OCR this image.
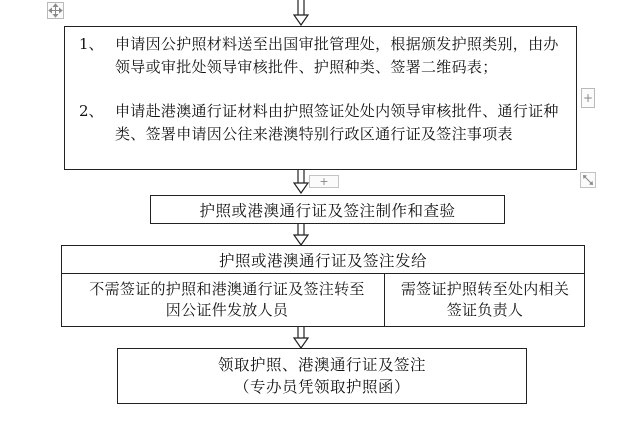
1、 申请因公护照材料送至出国审批管理处，根据颁发护照类别，由办领导或审批处领导审核批件、护照种类、签署二维码表；
2、 申请赴港澳通行证材料由护照签证处处内领导审核批件、通行证种类、签署申请因公往来港澳特别行政区通行证及签注事项表
+
+
护照或港澳通行证及签注制作和查验
护照或港澳通行证及签注发给
不需签证的护照和港澳通行证及签注转至因公证件发放人员
需签证护照转至处内相关签证负责人
领取护照、港澳通行证及签注
（专办员凭领取护照函）
